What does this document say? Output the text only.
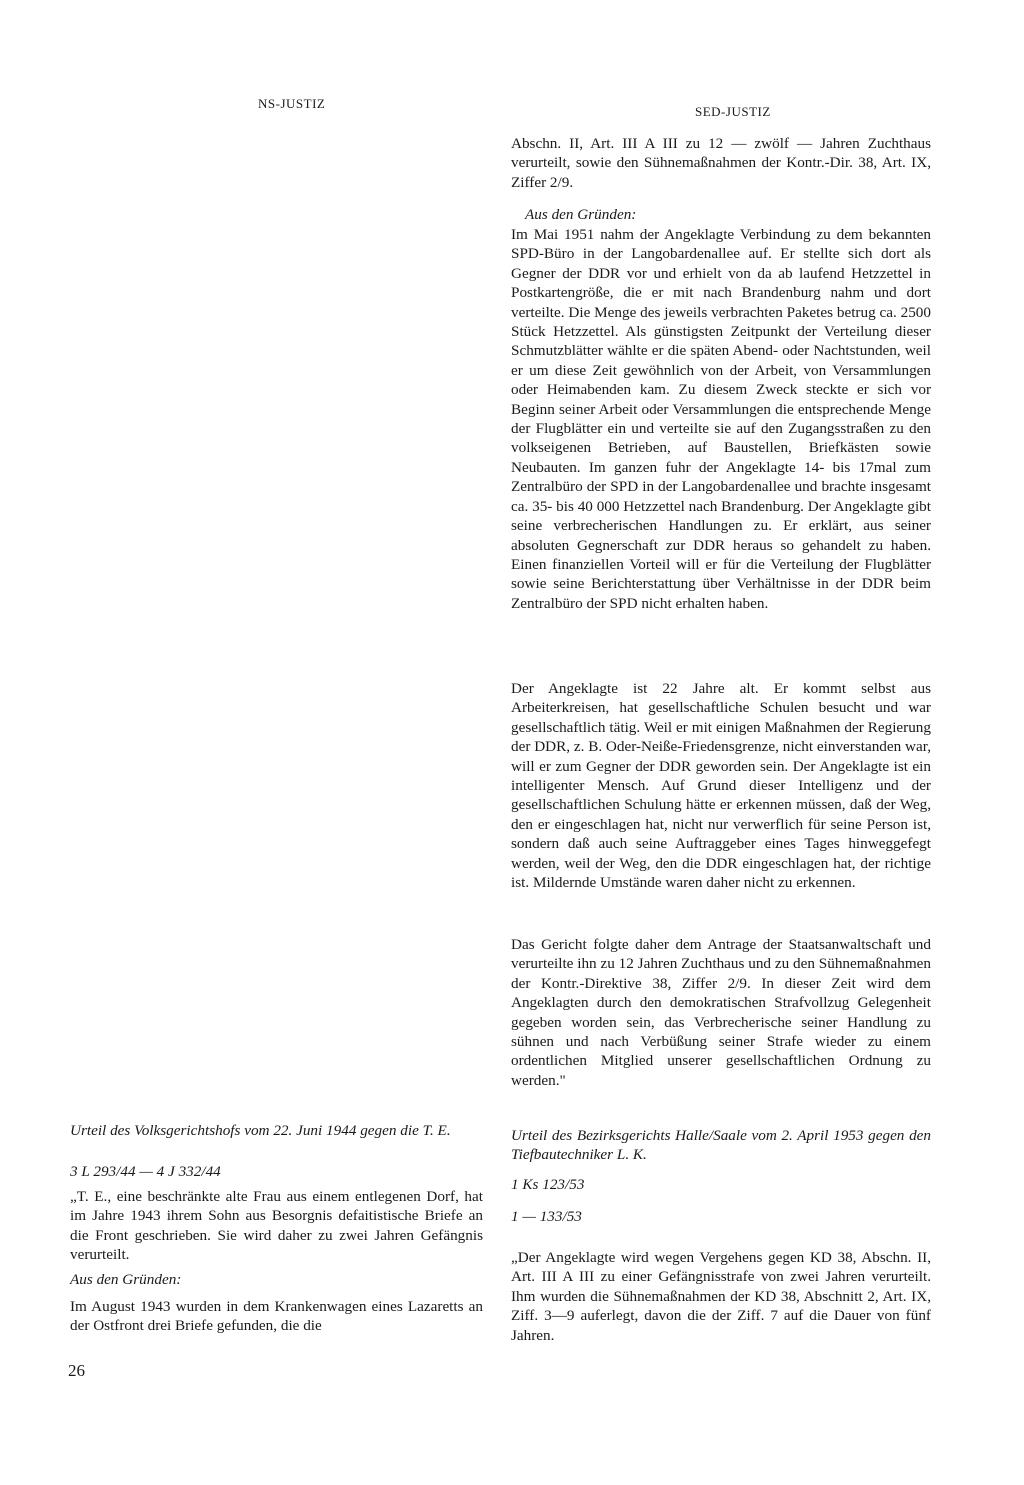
NS-JUSTIZ
SED-JUSTIZ

Abschn. II, Art. III A III zu 12 — zwölf — Jahren Zuchthaus verurteilt, sowie den Sühnemaßnahmen der Kontr.-Dir. 38, Art. IX, Ziffer 2/9.

Aus den Gründen:

Im Mai 1951 nahm der Angeklagte Verbindung zu dem bekannten SPD-Büro in der Langobardenallee auf. Er stellte sich dort als Gegner der DDR vor und erhielt von da ab laufend Hetzzettel in Postkartengröße, die er mit nach Brandenburg nahm und dort verteilte. Die Menge des jeweils verbrachten Paketes betrug ca. 2500 Stück Hetzzettel. Als günstigsten Zeitpunkt der Verteilung dieser Schmutzblätter wählte er die späten Abend- oder Nachtstunden, weil er um diese Zeit gewöhnlich von der Arbeit, von Versammlungen oder Heimabenden kam. Zu diesem Zweck steckte er sich vor Beginn seiner Arbeit oder Versammlungen die entsprechende Menge der Flugblätter ein und verteilte sie auf den Zugangsstraßen zu den volkseigenen Betrieben, auf Baustellen, Briefkästen sowie Neubauten. Im ganzen fuhr der Angeklagte 14- bis 17mal zum Zentralbüro der SPD in der Langobardenallee und brachte insgesamt ca. 35- bis 40 000 Hetzzettel nach Brandenburg. Der Angeklagte gibt seine verbrecherischen Handlungen zu. Er erklärt, aus seiner absoluten Gegnerschaft zur DDR heraus so gehandelt zu haben. Einen finanziellen Vorteil will er für die Verteilung der Flugblätter sowie seine Berichterstattung über Verhältnisse in der DDR beim Zentralbüro der SPD nicht erhalten haben.

Der Angeklagte ist 22 Jahre alt. Er kommt selbst aus Arbeiterkreisen, hat gesellschaftliche Schulen besucht und war gesellschaftlich tätig. Weil er mit einigen Maßnahmen der Regierung der DDR, z. B. Oder-Neiße-Friedensgrenze, nicht einverstanden war, will er zum Gegner der DDR geworden sein. Der Angeklagte ist ein intelligenter Mensch. Auf Grund dieser Intelligenz und der gesellschaftlichen Schulung hätte er erkennen müssen, daß der Weg, den er eingeschlagen hat, nicht nur verwerflich für seine Person ist, sondern daß auch seine Auftraggeber eines Tages hinweggefegt werden, weil der Weg, den die DDR eingeschlagen hat, der richtige ist. Mildernde Umstände waren daher nicht zu erkennen.

Das Gericht folgte daher dem Antrage der Staatsanwaltschaft und verurteilte ihn zu 12 Jahren Zuchthaus und zu den Sühnemaßnahmen der Kontr.-Direktive 38, Ziffer 2/9. In dieser Zeit wird dem Angeklagten durch den demokratischen Strafvollzug Gelegenheit gegeben worden sein, das Verbrecherische seiner Handlung zu sühnen und nach Verbüßung seiner Strafe wieder zu einem ordentlichen Mitglied unserer gesellschaftlichen Ordnung zu werden."

Urteil des Volksgerichtshofs vom 22. Juni 1944 gegen die T. E.

3 L 293/44 — 4 J 332/44

„T. E., eine beschränkte alte Frau aus einem entlegenen Dorf, hat im Jahre 1943 ihrem Sohn aus Besorgnis defaitistische Briefe an die Front geschrieben. Sie wird daher zu zwei Jahren Gefängnis verurteilt.

Aus den Gründen:

Im August 1943 wurden in dem Krankenwagen eines Lazaretts an der Ostfront drei Briefe gefunden, die die

Urteil des Bezirksgerichts Halle/Saale vom 2. April 1953 gegen den Tiefbautechniker L. K.

1 Ks 123/53
1 — 133/53

„Der Angeklagte wird wegen Vergehens gegen KD 38, Abschn. II, Art. III A III zu einer Gefängnisstrafe von zwei Jahren verurteilt. Ihm wurden die Sühnemaßnahmen der KD 38, Abschnitt 2, Art. IX, Ziff. 3—9 auferlegt, davon die der Ziff. 7 auf die Dauer von fünf Jahren.

26
